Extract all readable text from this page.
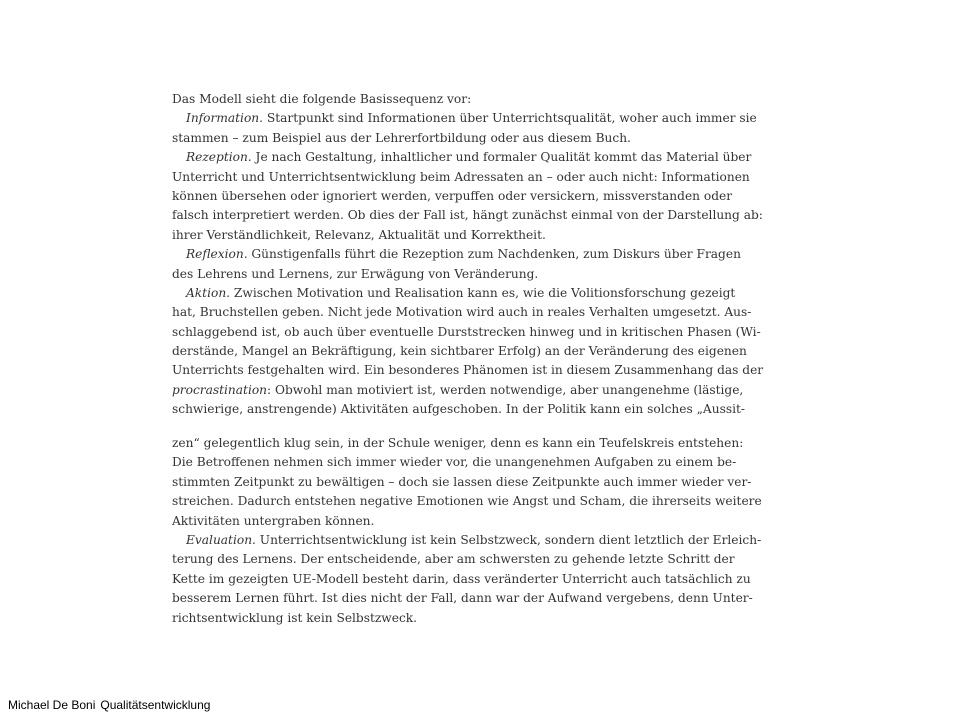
Das Modell sieht die folgende Basissequenz vor:
Information. Startpunkt sind Informationen über Unterrichtsqualität, woher auch immer sie
stammen – zum Beispiel aus der Lehrerfortbildung oder aus diesem Buch.
Rezeption. Je nach Gestaltung, inhaltlicher und formaler Qualität kommt das Material über
Unterricht und Unterrichtsentwicklung beim Adressaten an – oder auch nicht: Informationen
können übersehen oder ignoriert werden, verpuffen oder versickern, missverstanden oder
falsch interpretiert werden. Ob dies der Fall ist, hängt zunächst einmal von der Darstellung ab:
ihrer Verständlichkeit, Relevanz, Aktualität und Korrektheit.
Reflexion. Günstigenfalls führt die Rezeption zum Nachdenken, zum Diskurs über Fragen
des Lehrens und Lernens, zur Erwägung von Veränderung.
Aktion. Zwischen Motivation und Realisation kann es, wie die Volitionsforschung gezeigt
hat, Bruchstellen geben. Nicht jede Motivation wird auch in reales Verhalten umgesetzt. Aus-
schlaggebend ist, ob auch über eventuelle Durststrecken hinweg und in kritischen Phasen (Wi-
derstände, Mangel an Bekräftigung, kein sichtbarer Erfolg) an der Veränderung des eigenen
Unterrichts festgehalten wird. Ein besonderes Phänomen ist in diesem Zusammenhang das der
procrastination: Obwohl man motiviert ist, werden notwendige, aber unangenehme (lästige,
schwierige, anstrengende) Aktivitäten aufgeschoben. In der Politik kann ein solches „Aussit-
zen“ gelegentlich klug sein, in der Schule weniger, denn es kann ein Teufelskreis entstehen:
Die Betroffenen nehmen sich immer wieder vor, die unangenehmen Aufgaben zu einem be-
stimmten Zeitpunkt zu bewältigen – doch sie lassen diese Zeitpunkte auch immer wieder ver-
streichen. Dadurch entstehen negative Emotionen wie Angst und Scham, die ihrerseits weitere
Aktivitäten untergraben können.
Evaluation. Unterrichtsentwicklung ist kein Selbstzweck, sondern dient letztlich der Erleich-
terung des Lernens. Der entscheidende, aber am schwersten zu gehende letzte Schritt der
Kette im gezeigten UE-Modell besteht darin, dass veränderter Unterricht auch tatsächlich zu
besserem Lernen führt. Ist dies nicht der Fall, dann war der Aufwand vergebens, denn Unter-
richtsentwicklung ist kein Selbstzweck.
Michael De Boni Qualitätsentwicklung
